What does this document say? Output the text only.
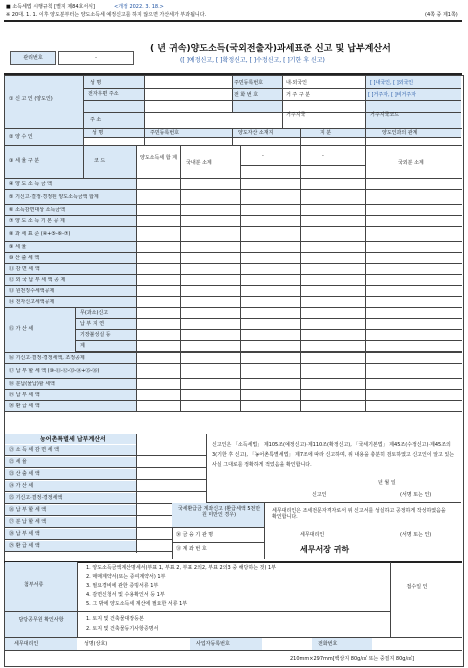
■ 소득세법 시행규칙 [별지 제84호서식]	<개정 2022. 3. 18.>
※ 20대. 1. 1. 이후 양도분부터는 양도소득세 예정신고를 하지 않으면 가산세가 부과됩니다.	(4쪽 중 제1쪽)
관리번호	-
( 년 귀속)양도소득(국외전출자)과세표준 신고 및 납부계산서
([ ]예정신고, [ ]확정신고, [ ]수정신고, [ ]기한 후 신고)
① 신 고 인 (양도인)
성 명	주민등록번호	내·외국인	[ ]내국인, [ ]외국인
전자우편 주소	전 화 번 호	거 주 구 분	[ ]거주자, [ ]비거주자
주 소
거주지국	거주지국코드
② 양 수 인
성 명	주민등록번호	양도자산 소재지	지 분	양도인과의 관계
③ 세 율 구 분	코 드	양도소득세 합 계
국내분 소계
-	-
국외분 소계
④ 양 도 소 득 금 액
⑤ 기신고·결정·경정된 양도소득금액 합계
⑥ 소득감면대상 소득금액
⑦ 양 도 소 득 기 본 공 제
⑧ 과 세 표 준 (④+⑤-⑥-⑦)
⑨ 세 율
⑩ 산 출 세 액
⑪ 감 면 세 액
⑫ 외 국 납 부 세 액 공 제
⑬ 원천징수세액공제
⑭ 전자신고세액공제
⑮ 가 산 세
무(과소)신고
납 부 지 연
기장불성실 등
계
⑯ 기신고·결정·경정세액, 조정공제
⑰ 납 부 할 세 액 (⑩-⑪-⑫-⑬-⑭+⑮-⑯)
⑱ 분납(물납)할 세액
⑲ 납 부 세 액
⑳ 환 급 세 액
㉑ 소 득 세 감 면 세 액
㉒ 세 율
㉓ 산 출 세 액
㉔ 가 산 세
㉕ 기신고·결정·경정세액
㉖ 납 부 할 세 액
㉗ 분 납 할 세 액
㉘ 납 부 세 액
㉙ 환 급 세 액
농어촌특별세 납부계산서
신고인은 「소득세법」 제105조(예정신고)·제110조(확정신고), 「국세기본법」 제45조(수정신고)·제45조의3(기한 후 신고), 「농어촌특별세법」 제7조에 따라 신고하며, 위 내용을 충분히 검토하였고 신고인이 알고 있는 사실 그대로를 정확하게 적었음을 확인합니다.
년 월 일
신고인	(서명 또는 인)
국세환급금 계좌신고 (환급세액 5천만원 미만인 경우)
㉚ 금 융 기 관 명
㉛ 계 좌 번 호
세무대리인은 조세전문자격자로서 위 신고서를 성실하고 공정하게 작성하였음을 확인합니다.
세무대리인	(서명 또는 인)
세무서장 귀하
첨부서류
1. 양도소득금액계산명세서(부표 1, 부표 2, 부표 2의2, 부표 2의3 중 해당하는 것) 1부
2. 매매계약서(또는 증여계약서) 1부
3. 필요경비에 관한 증빙서류 1부
4. 감면신청서 및 수용확인서 등 1부
5. 그 밖에 양도소득세 계산에 필요한 서류 1부
접수일 인
담당공무원 확인사항	1. 토지 및 건축물대장등본
2. 토지 및 건축물등기사항증명서
세무대리인	성명(상호)	사업자등록번호	전화번호
210mm×297mm[백상지 80g/㎡ 또는 중질지 80g/㎡]
